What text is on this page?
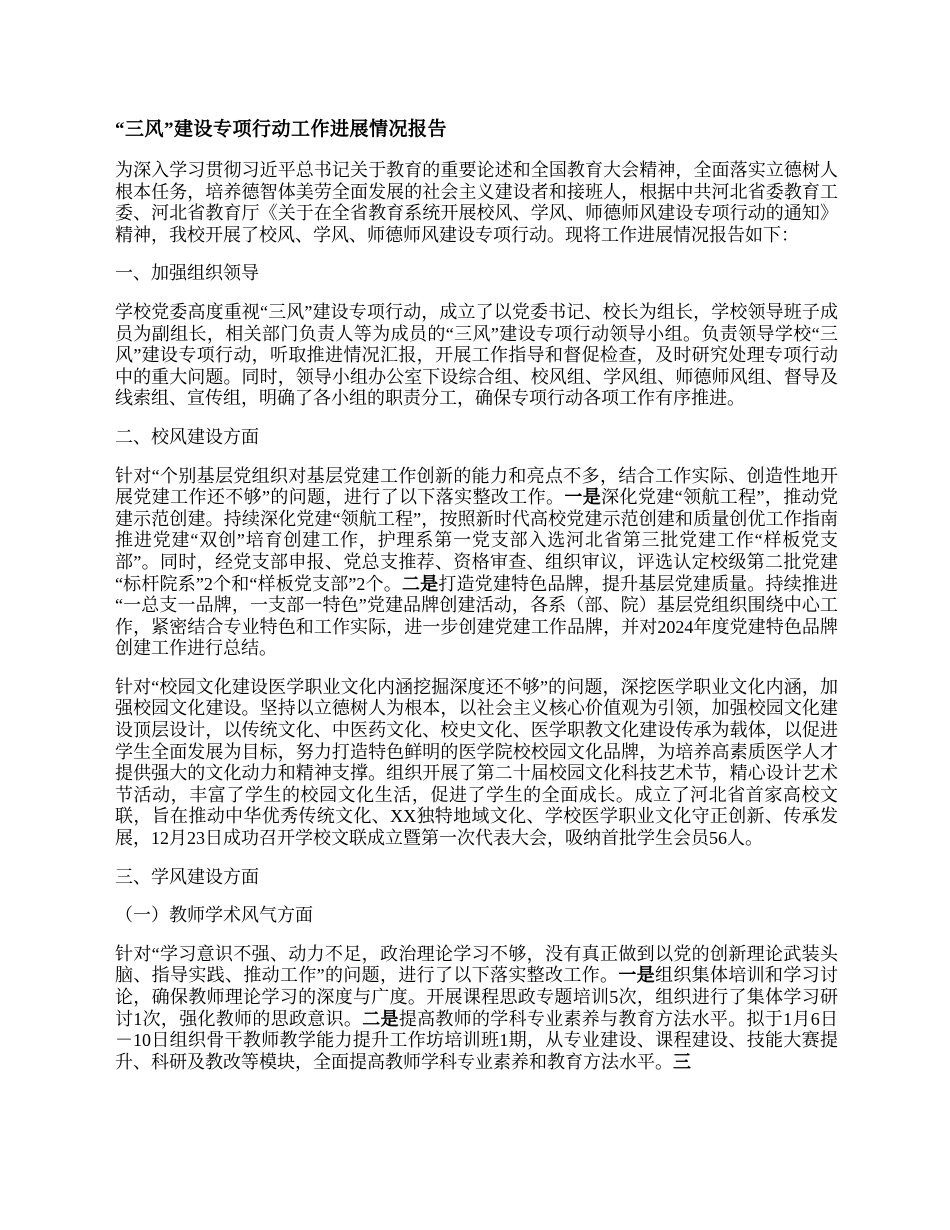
“三风”建设专项行动工作进展情况报告
为深入学习贯彻习近平总书记关于教育的重要论述和全国教育大会精神，全面落实立德树人根本任务，培养德智体美劳全面发展的社会主义建设者和接班人，根据中共河北省委教育工委、河北省教育厅《关于在全省教育系统开展校风、学风、师德师风建设专项行动的通知》精神，我校开展了校风、学风、师德师风建设专项行动。现将工作进展情况报告如下：
一、加强组织领导
学校党委高度重视“三风”建设专项行动，成立了以党委书记、校长为组长，学校领导班子成员为副组长，相关部门负责人等为成员的“三风”建设专项行动领导小组。负责领导学校“三风”建设专项行动，听取推进情况汇报，开展工作指导和督促检查，及时研究处理专项行动中的重大问题。同时，领导小组办公室下设综合组、校风组、学风组、师德师风组、督导及线索组、宣传组，明确了各小组的职责分工，确保专项行动各项工作有序推进。
二、校风建设方面
针对“个别基层党组织对基层党建工作创新的能力和亮点不多，结合工作实际、创造性地开展党建工作还不够”的问题，进行了以下落实整改工作。一是深化党建“领航工程”，推动党建示范创建。持续深化党建“领航工程”，按照新时代高校党建示范创建和质量创优工作指南推进党建“双创”培育创建工作，护理系第一党支部入选河北省第三批党建工作“样板党支部”。同时，经党支部申报、党总支推荐、资格审查、组织审议，评选认定校级第二批党建“标杆院系”2个和“样板党支部”2个。二是打造党建特色品牌，提升基层党建质量。持续推进“一总支一品牌，一支部一特色”党建品牌创建活动，各系（部、院）基层党组织围绕中心工作，紧密结合专业特色和工作实际，进一步创建党建工作品牌，并对2024年度党建特色品牌创建工作进行总结。
针对“校园文化建设医学职业文化内涵挖掘深度还不够”的问题，深挖医学职业文化内涵，加强校园文化建设。坚持以立德树人为根本，以社会主义核心价值观为引领，加强校园文化建设顶层设计，以传统文化、中医药文化、校史文化、医学职教文化建设传承为载体，以促进学生全面发展为目标，努力打造特色鲜明的医学院校校园文化品牌，为培养高素质医学人才提供强大的文化动力和精神支撑。组织开展了第二十届校园文化科技艺术节，精心设计艺术节活动，丰富了学生的校园文化生活，促进了学生的全面成长。成立了河北省首家高校文联，旨在推动中华优秀传统文化、XX独特地域文化、学校医学职业文化守正创新、传承发展，12月23日成功召开学校文联成立暨第一次代表大会，吸纳首批学生会员56人。
三、学风建设方面
（一）教师学术风气方面
针对“学习意识不强、动力不足，政治理论学习不够，没有真正做到以党的创新理论武装头脑、指导实践、推动工作”的问题，进行了以下落实整改工作。一是组织集体培训和学习讨论，确保教师理论学习的深度与广度。开展课程思政专题培训5次，组织进行了集体学习研讨1次，强化教师的思政意识。二是提高教师的学科专业素养与教育方法水平。拟于1月6日－10日组织骨干教师教学能力提升工作坊培训班1期，从专业建设、课程建设、技能大赛提升、科研及教改等模块，全面提高教师学科专业素养和教育方法水平。三
